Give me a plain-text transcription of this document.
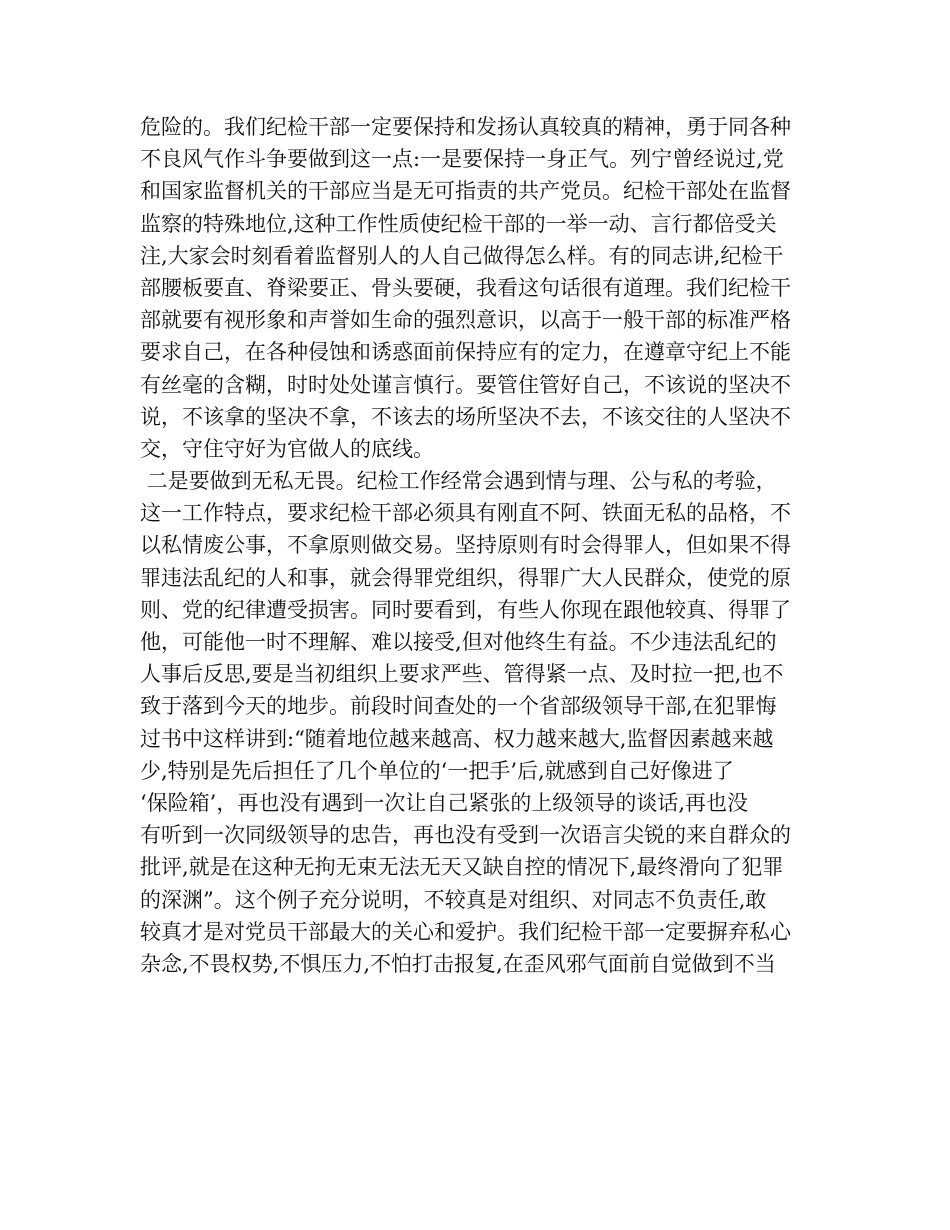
危险的。我们纪检干部一定要保持和发扬认真较真的精神，勇于同各种
不良风气作斗争要做到这一点:一是要保持一身正气。列宁曾经说过,党
和国家监督机关的干部应当是无可指责的共产党员。纪检干部处在监督
监察的特殊地位,这种工作性质使纪检干部的一举一动、言行都倍受关
注,大家会时刻看着监督别人的人自己做得怎么样。有的同志讲,纪检干
部腰板要直、脊梁要正、骨头要硬，我看这句话很有道理。我们纪检干
部就要有视形象和声誉如生命的强烈意识，以高于一般干部的标准严格
要求自己，在各种侵蚀和诱惑面前保持应有的定力，在遵章守纪上不能
有丝毫的含糊，时时处处谨言慎行。要管住管好自己，不该说的坚决不
说，不该拿的坚决不拿，不该去的场所坚决不去，不该交往的人坚决不
交，守住守好为官做人的底线。
二是要做到无私无畏。纪检工作经常会遇到情与理、公与私的考验，
这一工作特点，要求纪检干部必须具有刚直不阿、铁面无私的品格，不
以私情废公事，不拿原则做交易。坚持原则有时会得罪人，但如果不得
罪违法乱纪的人和事，就会得罪党组织，得罪广大人民群众，使党的原
则、党的纪律遭受损害。同时要看到，有些人你现在跟他较真、得罪了
他，可能他一时不理解、难以接受,但对他终生有益。不少违法乱纪的
人事后反思,要是当初组织上要求严些、管得紧一点、及时拉一把,也不
致于落到今天的地步。前段时间查处的一个省部级领导干部,在犯罪悔
过书中这样讲到:“随着地位越来越高、权力越来越大,监督因素越来越
少,特别是先后担任了几个单位的‘一把手’后,就感到自己好像进了
‘保险箱’，再也没有遇到一次让自己紧张的上级领导的谈话,再也没
有听到一次同级领导的忠告，再也没有受到一次语言尖锐的来自群众的
批评,就是在这种无拘无束无法无天又缺自控的情况下,最终滑向了犯罪
的深渊”。这个例子充分说明，不较真是对组织、对同志不负责任,敢
较真才是对党员干部最大的关心和爱护。我们纪检干部一定要摒弃私心
杂念,不畏权势,不惧压力,不怕打击报复,在歪风邪气面前自觉做到不当
